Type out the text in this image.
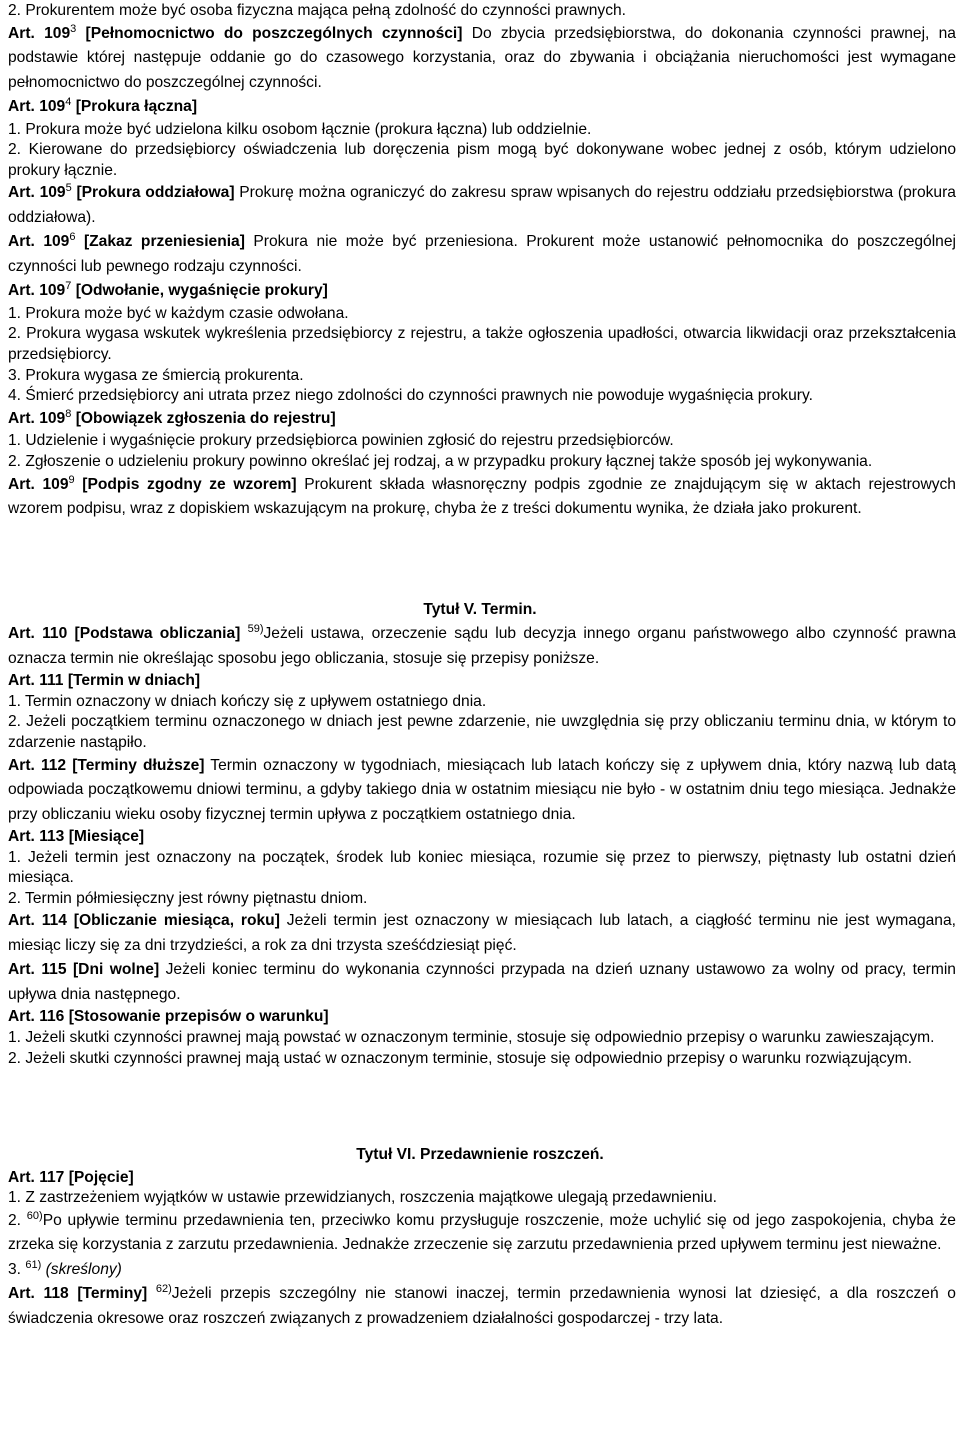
2. Prokurentem może być osoba fizyczna mająca pełną zdolność do czynności prawnych.

Art. $109^3$ [Pełnomocnictwo do poszczególnych czynności] Do zbycia przedsiębiorstwa, do dokonania czynności prawnej, na podstawie której następuje oddanie go do czasowego korzystania, oraz do zbywania i obciążania nieruchomości jest wymagane pełnomocnictwo do poszczególnej czynności.

Art. $109^4$ [Prokura łączna]

1. Prokura może być udzielona kilku osobom łącznie (prokura łączna) lub oddzielnie.

2. Kierowane do przedsiębiorcy oświadczenia lub doręczenia pism mogą być dokonywane wobec jednej z osób, którym udzielono prokury łącznie.

Art. $109^5$ [Prokura oddziałowa] Prokurę można ograniczyć do zakresu spraw wpisanych do rejestru oddziału przedsiębiorstwa (prokura oddziałowa).

Art. $109^6$ [Zakaz przeniesienia] Prokura nie może być przeniesiona. Prokurent może ustanowić pełnomocnika do poszczególnej czynności lub pewnego rodzaju czynności.

Art. $109^7$ [Odwołanie, wygaśnięcie prokury]

1. Prokura może być w każdym czasie odwołana.

2. Prokura wygasa wskutek wykreślenia przedsiębiorcy z rejestru, a także ogłoszenia upadłości, otwarcia likwidacji oraz przekształcenia przedsiębiorcy.

3. Prokura wygasa ze śmiercią prokurenta.

4. Śmierć przedsiębiorcy ani utrata przez niego zdolności do czynności prawnych nie powoduje wygaśnięcia prokury.

Art. $109^8$ [Obowiązek zgłoszenia do rejestru]

1. Udzielenie i wygaśnięcie prokury przedsiębiorca powinien zgłosić do rejestru przedsiębiorców.

2. Zgłoszenie o udzieleniu prokury powinno określać jej rodzaj, a w przypadku prokury łącznej także sposób jej wykonywania.

Art. $109^9$ [Podpis zgodny ze wzorem] Prokurent składa własnoręczny podpis zgodnie ze znajdującym się w aktach rejestrowych wzorem podpisu, wraz z dopiskiem wskazującym na prokurę, chyba że z treści dokumentu wynika, że działa jako prokurent.

Tytuł V. Termin.

Art. 110 [Podstawa obliczania] $^{59)}$Jeżeli ustawa, orzeczenie sądu lub decyzja innego organu państwowego albo czynność prawna oznacza termin nie określając sposobu jego obliczania, stosuje się przepisy poniższe.

Art. 111 [Termin w dniach]

1. Termin oznaczony w dniach kończy się z upływem ostatniego dnia.

2. Jeżeli początkiem terminu oznaczonego w dniach jest pewne zdarzenie, nie uwzględnia się przy obliczaniu terminu dnia, w którym to zdarzenie nastąpiło.

Art. 112 [Terminy dłuższe] Termin oznaczony w tygodniach, miesiącach lub latach kończy się z upływem dnia, który nazwą lub datą odpowiada początkowemu dniowi terminu, a gdyby takiego dnia w ostatnim miesiącu nie było - w ostatnim dniu tego miesiąca. Jednakże przy obliczaniu wieku osoby fizycznej termin upływa z początkiem ostatniego dnia.

Art. 113 [Miesiące]

1. Jeżeli termin jest oznaczony na początek, środek lub koniec miesiąca, rozumie się przez to pierwszy, piętnasty lub ostatni dzień miesiąca.

2. Termin półmiesięczny jest równy piętnastu dniom.

Art. 114 [Obliczanie miesiąca, roku] Jeżeli termin jest oznaczony w miesiącach lub latach, a ciągłość terminu nie jest wymagana, miesiąc liczy się za dni trzydzieści, a rok za dni trzysta sześćdziesiąt pięć.

Art. 115 [Dni wolne] Jeżeli koniec terminu do wykonania czynności przypada na dzień uznany ustawowo za wolny od pracy, termin upływa dnia następnego.

Art. 116 [Stosowanie przepisów o warunku]

1. Jeżeli skutki czynności prawnej mają powstać w oznaczonym terminie, stosuje się odpowiednio przepisy o warunku zawieszającym.

2. Jeżeli skutki czynności prawnej mają ustać w oznaczonym terminie, stosuje się odpowiednio przepisy o warunku rozwiązującym.

Tytuł VI. Przedawnienie roszczeń.

Art. 117 [Pojęcie]

1. Z zastrzeżeniem wyjątków w ustawie przewidzianych, roszczenia majątkowe ulegają przedawnieniu.

2. $^{60)}$Po upływie terminu przedawnienia ten, przeciwko komu przysługuje roszczenie, może uchylić się od jego zaspokojenia, chyba że zrzeka się korzystania z zarzutu przedawnienia. Jednakże zrzeczenie się zarzutu przedawnienia przed upływem terminu jest nieważne.

3. $^{61)}$ (skreślony)

Art. 118 [Terminy] $^{62)}$Jeżeli przepis szczególny nie stanowi inaczej, termin przedawnienia wynosi lat dziesięć, a dla roszczeń o świadczenia okresowe oraz roszczeń związanych z prowadzeniem działalności gospodarczej - trzy lata.
